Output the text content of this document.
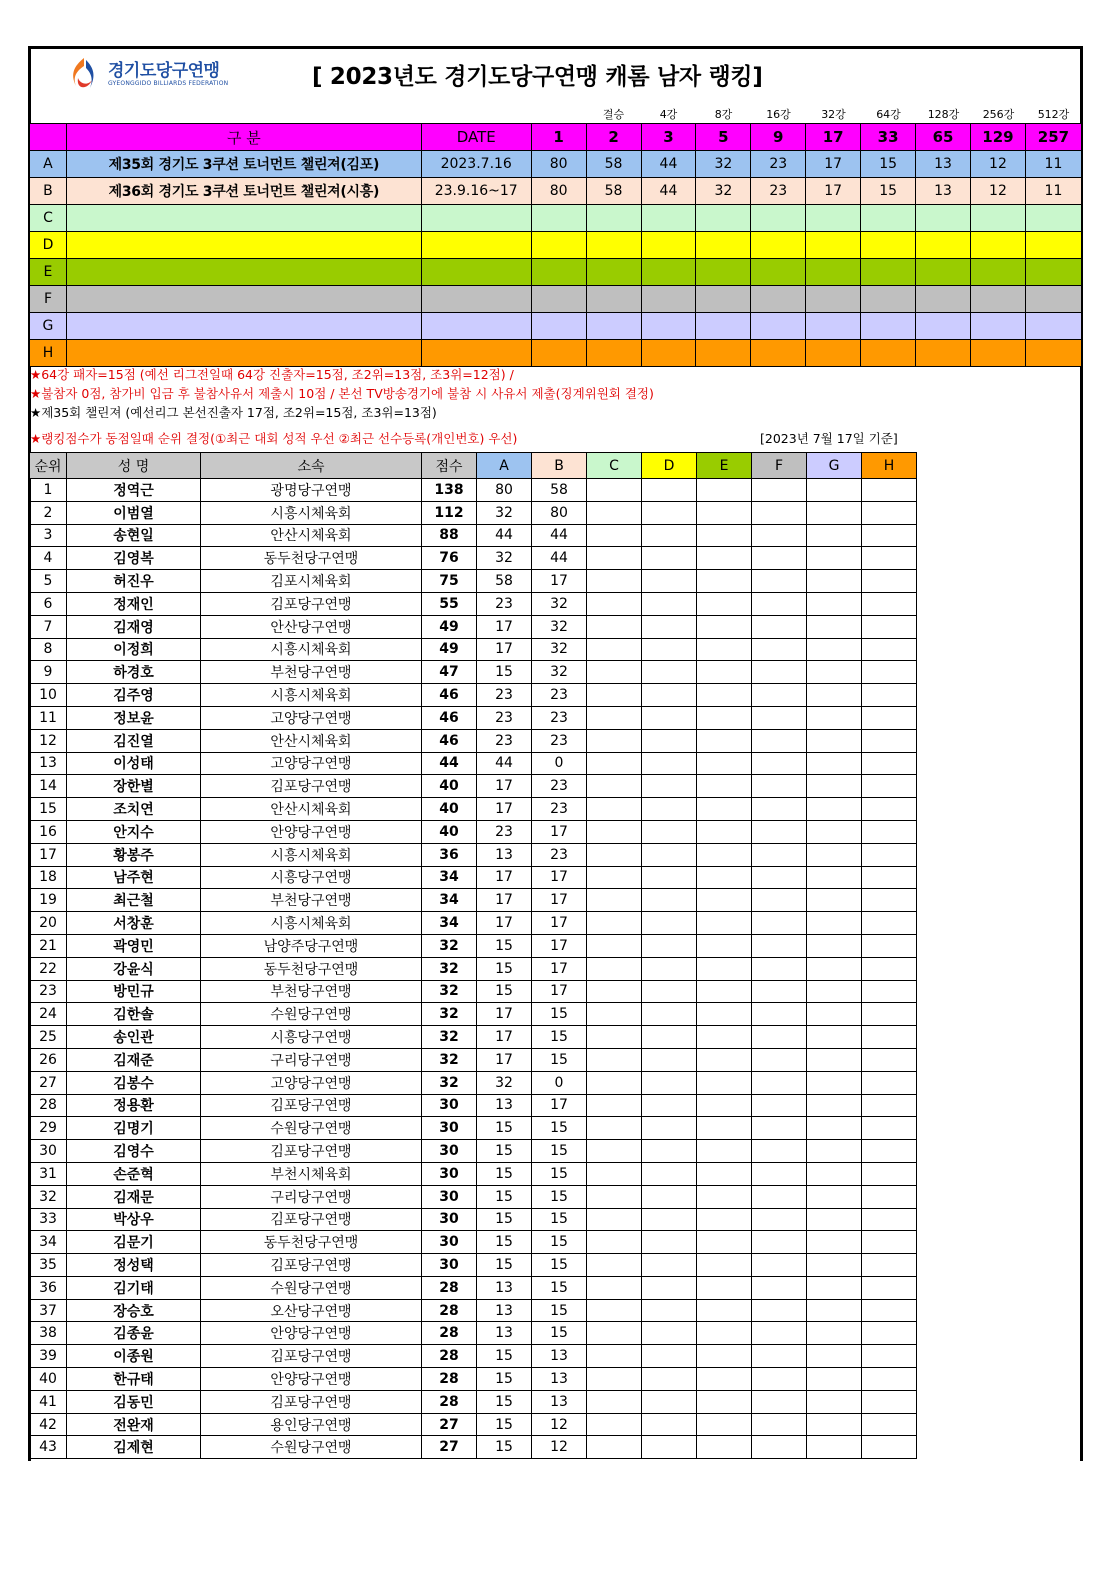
경기도당구연맹
GYEONGGIDO BILLIARDS FEDERATION	[ 2023년도 경기도당구연맹 캐롬 남자 랭킹]
결승	4강	8강	16강	32강	64강	128강	256강	512강
	구 분	DATE	1	2	3	5	9	17	33	65	129	257
A	제35회 경기도 3쿠션 토너먼트 챌린져(김포)	2023.7.16	80	58	44	32	23	17	15	13	12	11
B	제36회 경기도 3쿠션 토너먼트 챌린져(시흥)	23.9.16~17	80	58	44	32	23	17	15	13	12	11
C												
D												
E												
F												
G												
H												
★64강 패자=15점 (예선 리그전일때 64강 진출자=15점, 조2위=13점, 조3위=12점) /
★불참자 0점, 참가비 입금 후 불참사유서 제출시 10점 / 본선 TV방송경기에 불참 시 사유서 제출(징계위원회 결정)
★제35회 챌린져 (예선리그 본선진출자 17점, 조2위=15점, 조3위=13점)
★랭킹점수가 동점일때 순위 결정(①최근 대회 성적 우선 ②최근 선수등록(개인번호) 우선)	[2023년 7월 17일 기준]
순위	성 명	소속	점수	A	B	C	D	E	F	G	H
1	정역근	광명당구연맹	138	80	58						
2	이범열	시흥시체육회	112	32	80						
3	송현일	안산시체육회	88	44	44						
4	김영복	동두천당구연맹	76	32	44						
5	허진우	김포시체육회	75	58	17						
6	정재인	김포당구연맹	55	23	32						
7	김재영	안산당구연맹	49	17	32						
8	이정희	시흥시체육회	49	17	32						
9	하경호	부천당구연맹	47	15	32						
10	김주영	시흥시체육회	46	23	23						
11	정보윤	고양당구연맹	46	23	23						
12	김진열	안산시체육회	46	23	23						
13	이성태	고양당구연맹	44	44	0						
14	장한별	김포당구연맹	40	17	23						
15	조치연	안산시체육회	40	17	23						
16	안지수	안양당구연맹	40	23	17						
17	황봉주	시흥시체육회	36	13	23						
18	남주현	시흥당구연맹	34	17	17						
19	최근철	부천당구연맹	34	17	17						
20	서창훈	시흥시체육회	34	17	17						
21	곽영민	남양주당구연맹	32	15	17						
22	강윤식	동두천당구연맹	32	15	17						
23	방민규	부천당구연맹	32	15	17						
24	김한솔	수원당구연맹	32	17	15						
25	송인관	시흥당구연맹	32	17	15						
26	김재준	구리당구연맹	32	17	15						
27	김봉수	고양당구연맹	32	32	0						
28	정용환	김포당구연맹	30	13	17						
29	김명기	수원당구연맹	30	15	15						
30	김영수	김포당구연맹	30	15	15						
31	손준혁	부천시체육회	30	15	15						
32	김재문	구리당구연맹	30	15	15						
33	박상우	김포당구연맹	30	15	15						
34	김문기	동두천당구연맹	30	15	15						
35	정성택	김포당구연맹	30	15	15						
36	김기태	수원당구연맹	28	13	15						
37	장승호	오산당구연맹	28	13	15						
38	김종윤	안양당구연맹	28	13	15						
39	이종원	김포당구연맹	28	15	13						
40	한규태	안양당구연맹	28	15	13						
41	김동민	김포당구연맹	28	15	13						
42	전완재	용인당구연맹	27	15	12						
43	김제현	수원당구연맹	27	15	12						
